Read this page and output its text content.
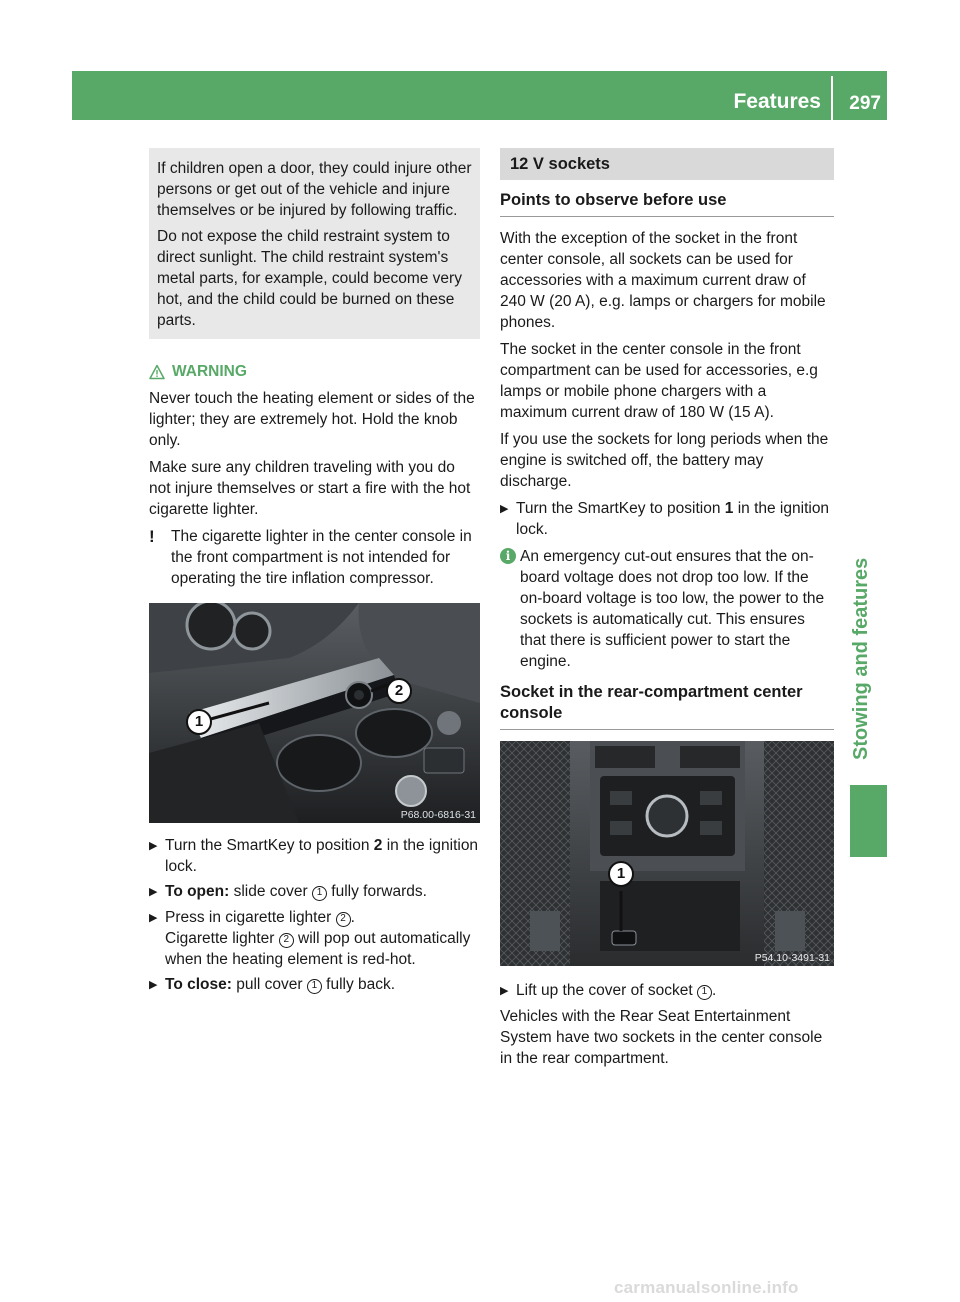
Features 297
Stowing and features

If children open a door, they could injure other persons or get out of the vehicle and injure themselves or be injured by following traffic.

Do not expose the child restraint system to direct sunlight. The child restraint system's metal parts, for example, could become very hot, and the child could be burned on these parts.

WARNING

Never touch the heating element or sides of the lighter; they are extremely hot. Hold the knob only.

Make sure any children traveling with you do not injure themselves or start a fire with the hot cigarette lighter.

!	The cigarette lighter in the center console in the front compartment is not intended for operating the tire inflation compressor.
1
2
P68.00-6816-31
▶ Turn the SmartKey to position 2 in the ignition lock.
▶ To open: slide cover 1 fully forwards.
▶ Press in cigarette lighter 2 .
Cigarette lighter 2 will pop out automatically when the heating element is red-hot.
▶ To close: pull cover 1 fully back.
12 V sockets
Points to observe before use

With the exception of the socket in the front center console, all sockets can be used for accessories with a maximum current draw of 240 W (20 A), e.g. lamps or chargers for mobile phones.

The socket in the center console in the front compartment can be used for accessories, e.g lamps or mobile phone chargers with a maximum current draw of 180 W (15 A).

If you use the sockets for long periods when the engine is switched off, the battery may discharge.

▶ Turn the SmartKey to position 1 in the ignition lock.
i An emergency cut-out ensures that the on-board voltage does not drop too low. If the on-board voltage is too low, the power to the sockets is automatically cut. This ensures that there is sufficient power to start the engine.
Socket in the rear-compartment center console
1
P54.10-3491-31
▶ Lift up the cover of socket 1 .

Vehicles with the Rear Seat Entertainment System have two sockets in the center console in the rear compartment.

carmanualsonline.info
